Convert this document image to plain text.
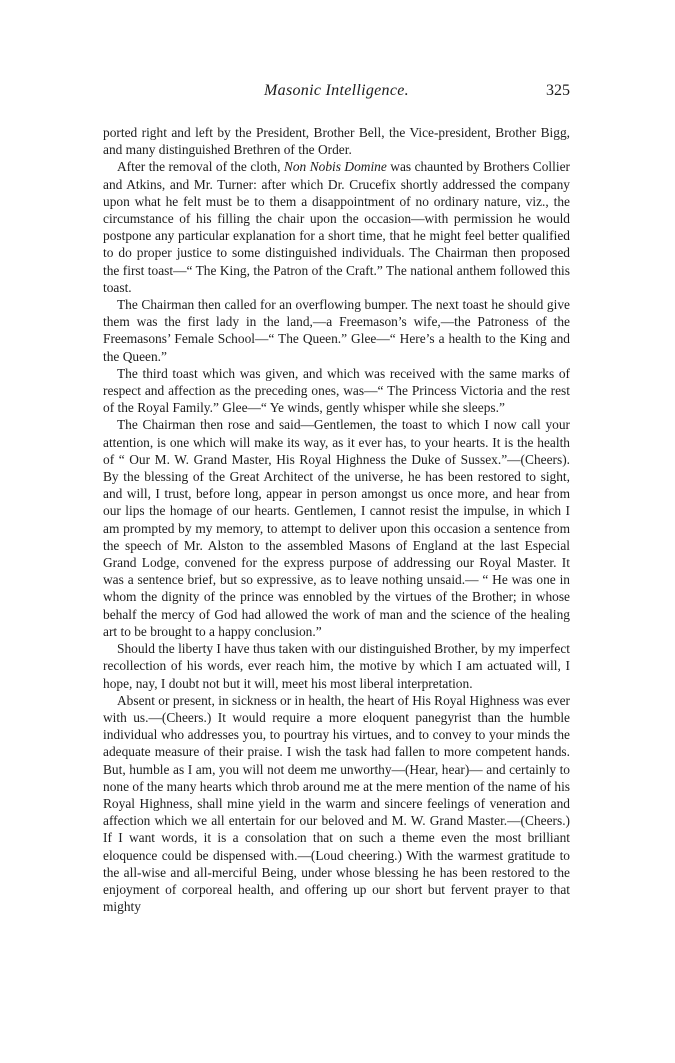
Masonic Intelligence.	325

ported right and left by the President, Brother Bell, the Vice-president, Brother Bigg, and many distinguished Brethren of the Order.

After the removal of the cloth, Non Nobis Domine was chaunted by Brothers Collier and Atkins, and Mr. Turner: after which Dr. Crucefix shortly addressed the company upon what he felt must be to them a disappointment of no ordinary nature, viz., the circumstance of his filling the chair upon the occasion—with permission he would postpone any particular explanation for a short time, that he might feel better qualified to do proper justice to some distinguished individuals. The Chairman then proposed the first toast—“ The King, the Patron of the Craft.” The national anthem followed this toast.

The Chairman then called for an overflowing bumper. The next toast he should give them was the first lady in the land,—a Freemason’s wife,—the Patroness of the Freemasons’ Female School—“ The Queen.” Glee—“ Here’s a health to the King and the Queen.”

The third toast which was given, and which was received with the same marks of respect and affection as the preceding ones, was—“ The Princess Victoria and the rest of the Royal Family.” Glee—“ Ye winds, gently whisper while she sleeps.”

The Chairman then rose and said—Gentlemen, the toast to which I now call your attention, is one which will make its way, as it ever has, to your hearts. It is the health of “ Our M. W. Grand Master, His Royal Highness the Duke of Sussex.”—(Cheers). By the blessing of the Great Architect of the universe, he has been restored to sight, and will, I trust, before long, appear in person amongst us once more, and hear from our lips the homage of our hearts. Gentlemen, I cannot resist the impulse, in which I am prompted by my memory, to attempt to deliver upon this occasion a sentence from the speech of Mr. Alston to the assembled Masons of England at the last Especial Grand Lodge, convened for the express purpose of addressing our Royal Master. It was a sentence brief, but so expressive, as to leave nothing unsaid.— “ He was one in whom the dignity of the prince was ennobled by the virtues of the Brother; in whose behalf the mercy of God had allowed the work of man and the science of the healing art to be brought to a happy conclusion.”

Should the liberty I have thus taken with our distinguished Brother, by my imperfect recollection of his words, ever reach him, the motive by which I am actuated will, I hope, nay, I doubt not but it will, meet his most liberal interpretation.

Absent or present, in sickness or in health, the heart of His Royal Highness was ever with us.—(Cheers.) It would require a more eloquent panegyrist than the humble individual who addresses you, to pourtray his virtues, and to convey to your minds the adequate measure of their praise. I wish the task had fallen to more competent hands. But, humble as I am, you will not deem me unworthy—(Hear, hear)— and certainly to none of the many hearts which throb around me at the mere mention of the name of his Royal Highness, shall mine yield in the warm and sincere feelings of veneration and affection which we all entertain for our beloved and M. W. Grand Master.—(Cheers.) If I want words, it is a consolation that on such a theme even the most brilliant eloquence could be dispensed with.—(Loud cheering.) With the warmest gratitude to the all-wise and all-merciful Being, under whose blessing he has been restored to the enjoyment of corporeal health, and offering up our short but fervent prayer to that mighty
